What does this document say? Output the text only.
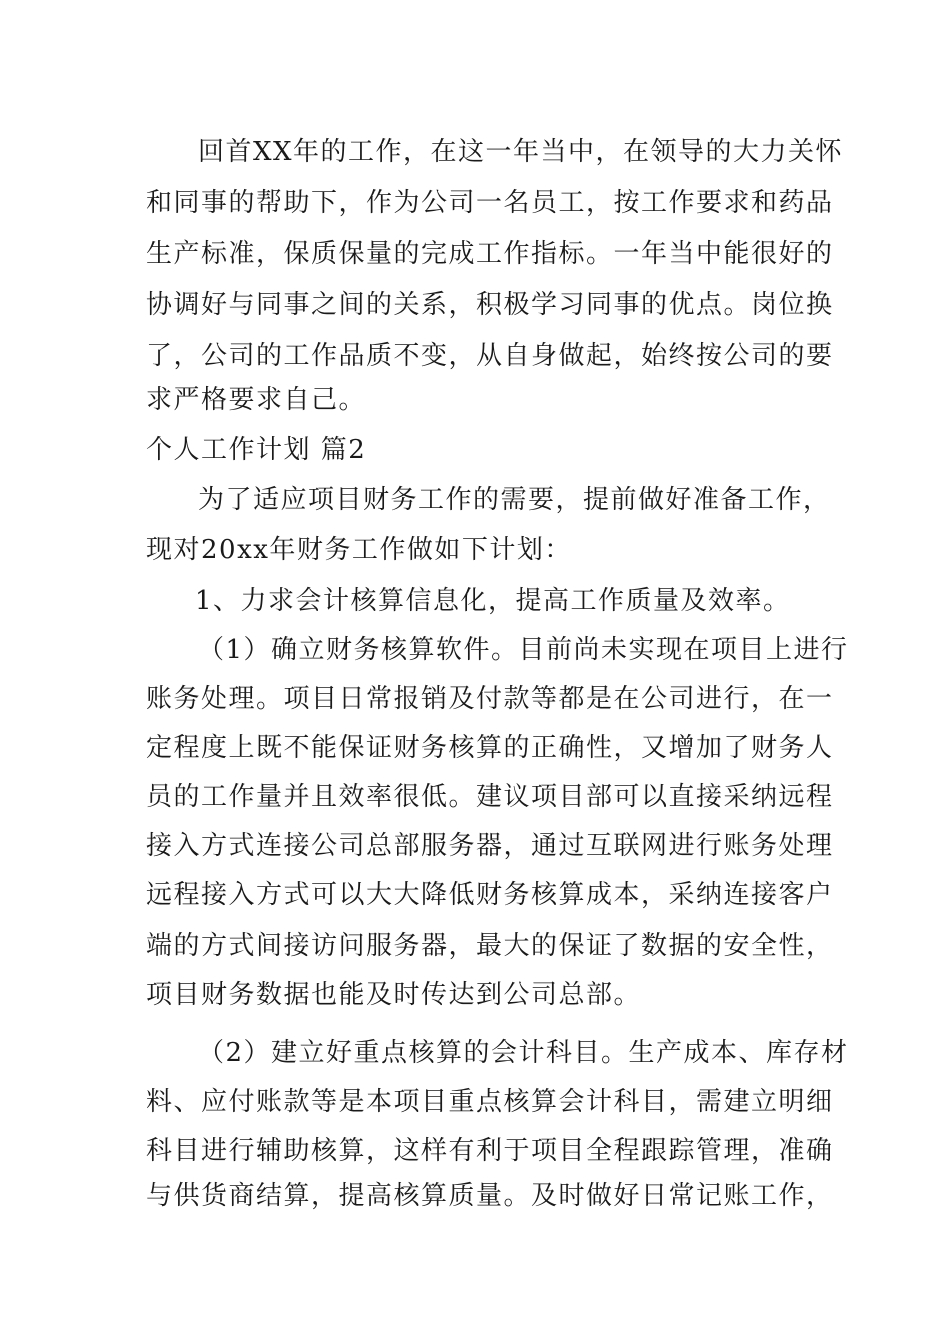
回首XX年的工作，在这一年当中，在领导的大力关怀
和同事的帮助下，作为公司一名员工，按工作要求和药品
生产标准，保质保量的完成工作指标。一年当中能很好的
协调好与同事之间的关系，积极学习同事的优点。岗位换
了，公司的工作品质不变，从自身做起，始终按公司的要
求严格要求自己。
个人工作计划 篇2
为了适应项目财务工作的需要，提前做好准备工作，
现对20xx年财务工作做如下计划：
1、力求会计核算信息化，提高工作质量及效率。
（1）确立财务核算软件。目前尚未实现在项目上进行
账务处理。项目日常报销及付款等都是在公司进行，在一
定程度上既不能保证财务核算的正确性，又增加了财务人
员的工作量并且效率很低。建议项目部可以直接采纳远程
接入方式连接公司总部服务器，通过互联网进行账务处理
远程接入方式可以大大降低财务核算成本，采纳连接客户
端的方式间接访问服务器，最大的保证了数据的安全性，
项目财务数据也能及时传达到公司总部。
（2）建立好重点核算的会计科目。生产成本、库存材
料、应付账款等是本项目重点核算会计科目，需建立明细
科目进行辅助核算，这样有利于项目全程跟踪管理，准确
与供货商结算，提高核算质量。及时做好日常记账工作，
